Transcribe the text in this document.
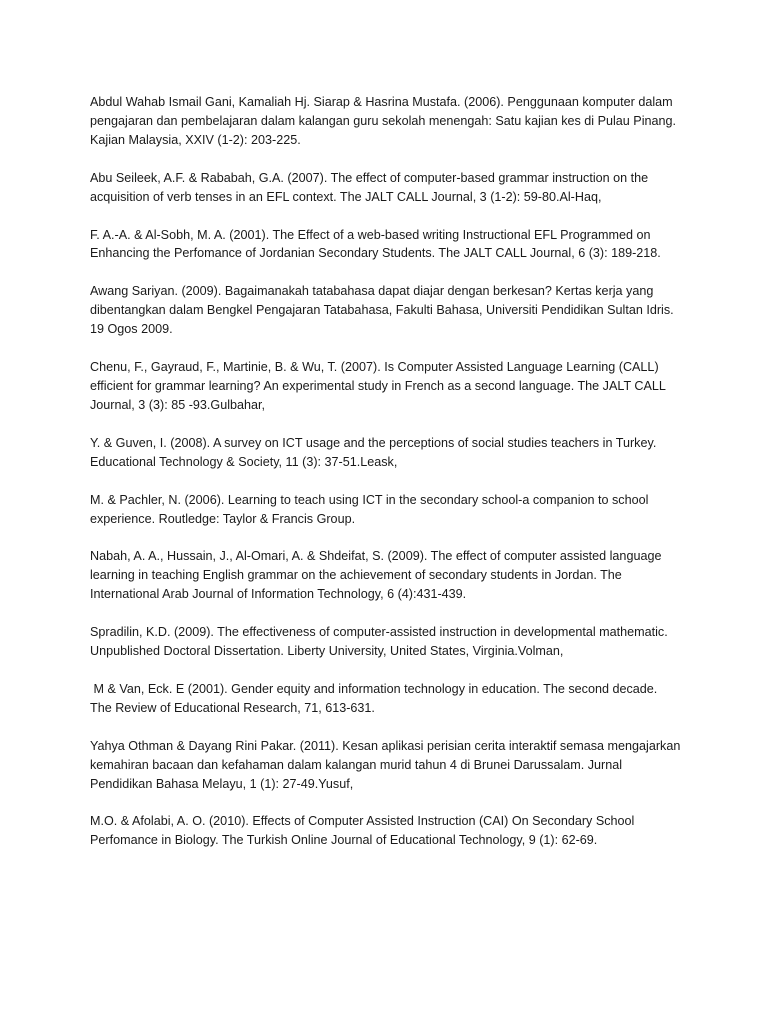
Abdul Wahab Ismail Gani, Kamaliah Hj. Siarap & Hasrina Mustafa. (2006). Penggunaan komputer dalam pengajaran dan pembelajaran dalam kalangan guru sekolah menengah: Satu kajian kes di Pulau Pinang. Kajian Malaysia, XXIV (1-2): 203-225.

Abu Seileek, A.F. & Rababah, G.A. (2007). The effect of computer-based grammar instruction on the acquisition of verb tenses in an EFL context. The JALT CALL Journal, 3 (1-2): 59-80.Al-Haq,

F. A.-A. & Al-Sobh, M. A. (2001). The Effect of a web-based writing Instructional EFL Programmed on Enhancing the Perfomance of Jordanian Secondary Students. The JALT CALL Journal, 6 (3): 189-218.

Awang Sariyan. (2009). Bagaimanakah tatabahasa dapat diajar dengan berkesan? Kertas kerja yang dibentangkan dalam Bengkel Pengajaran Tatabahasa, Fakulti Bahasa, Universiti Pendidikan Sultan Idris. 19 Ogos 2009.

Chenu, F., Gayraud, F., Martinie, B. & Wu, T. (2007). Is Computer Assisted Language Learning (CALL) efficient for grammar learning? An experimental study in French as a second language. The JALT CALL Journal, 3 (3): 85 -93.Gulbahar,

Y. & Guven, I. (2008). A survey on ICT usage and the perceptions of social studies teachers in Turkey. Educational Technology & Society, 11 (3): 37-51.Leask,

M. & Pachler, N. (2006). Learning to teach using ICT in the secondary school-a companion to school experience. Routledge: Taylor & Francis Group.

Nabah, A. A., Hussain, J., Al-Omari, A. & Shdeifat, S. (2009). The effect of computer assisted language learning in teaching English grammar on the achievement of secondary students in Jordan. The International Arab Journal of Information Technology, 6 (4):431-439.

Spradilin, K.D. (2009). The effectiveness of computer-assisted instruction in developmental mathematic. Unpublished Doctoral Dissertation. Liberty University, United States, Virginia.Volman,

M & Van, Eck. E (2001). Gender equity and information technology in education. The second decade. The Review of Educational Research, 71, 613-631.

Yahya Othman & Dayang Rini Pakar. (2011). Kesan aplikasi perisian cerita interaktif semasa mengajarkan kemahiran bacaan dan kefahaman dalam kalangan murid tahun 4 di Brunei Darussalam. Jurnal Pendidikan Bahasa Melayu, 1 (1): 27-49.Yusuf,

M.O. & Afolabi, A. O. (2010). Effects of Computer Assisted Instruction (CAI) On Secondary School Perfomance in Biology. The Turkish Online Journal of Educational Technology, 9 (1): 62-69.
